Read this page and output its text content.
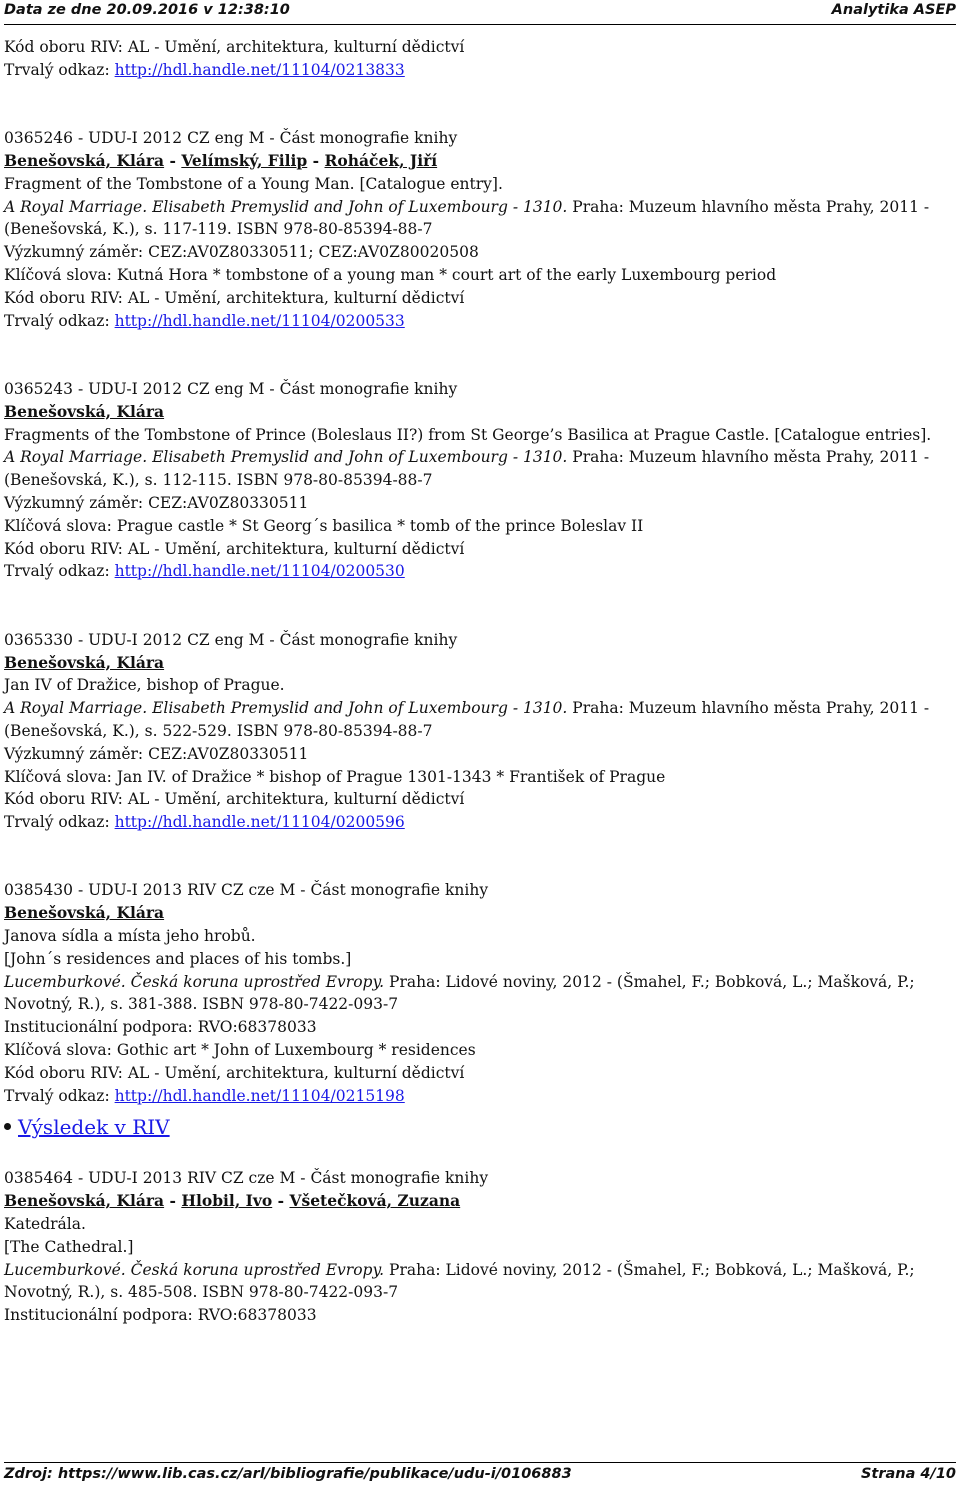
Data ze dne 20.09.2016 v 12:38:10	Analytika ASEP
Kód oboru RIV: AL - Umění, architektura, kulturní dědictví
Trvalý odkaz: http://hdl.handle.net/11104/0213833
0365246 - UDU-I 2012 CZ eng M - Část monografie knihy
Benešovská, Klára - Velímský, Filip - Roháček, Jiří
Fragment of the Tombstone of a Young Man. [Catalogue entry].
A Royal Marriage. Elisabeth Premyslid and John of Luxembourg - 1310. Praha: Muzeum hlavního města Prahy, 2011 -
(Benešovská, K.), s. 117-119. ISBN 978-80-85394-88-7
Výzkumný záměr: CEZ:AV0Z80330511; CEZ:AV0Z80020508
Klíčová slova: Kutná Hora * tombstone of a young man * court art of the early Luxembourg period
Kód oboru RIV: AL - Umění, architektura, kulturní dědictví
Trvalý odkaz: http://hdl.handle.net/11104/0200533
0365243 - UDU-I 2012 CZ eng M - Část monografie knihy
Benešovská, Klára
Fragments of the Tombstone of Prince (Boleslaus II?) from St George’s Basilica at Prague Castle. [Catalogue entries].
A Royal Marriage. Elisabeth Premyslid and John of Luxembourg - 1310. Praha: Muzeum hlavního města Prahy, 2011 -
(Benešovská, K.), s. 112-115. ISBN 978-80-85394-88-7
Výzkumný záměr: CEZ:AV0Z80330511
Klíčová slova: Prague castle * St Georg´s basilica * tomb of the prince Boleslav II
Kód oboru RIV: AL - Umění, architektura, kulturní dědictví
Trvalý odkaz: http://hdl.handle.net/11104/0200530
0365330 - UDU-I 2012 CZ eng M - Část monografie knihy
Benešovská, Klára
Jan IV of Dražice, bishop of Prague.
A Royal Marriage. Elisabeth Premyslid and John of Luxembourg - 1310. Praha: Muzeum hlavního města Prahy, 2011 -
(Benešovská, K.), s. 522-529. ISBN 978-80-85394-88-7
Výzkumný záměr: CEZ:AV0Z80330511
Klíčová slova: Jan IV. of Dražice * bishop of Prague 1301-1343 * František of Prague
Kód oboru RIV: AL - Umění, architektura, kulturní dědictví
Trvalý odkaz: http://hdl.handle.net/11104/0200596
0385430 - UDU-I 2013 RIV CZ cze M - Část monografie knihy
Benešovská, Klára
Janova sídla a místa jeho hrobů.
[John´s residences and places of his tombs.]
Lucemburkové. Česká koruna uprostřed Evropy. Praha: Lidové noviny, 2012 - (Šmahel, F.; Bobková, L.; Mašková, P.;
Novotný, R.), s. 381-388. ISBN 978-80-7422-093-7
Institucionální podpora: RVO:68378033
Klíčová slova: Gothic art * John of Luxembourg * residences
Kód oboru RIV: AL - Umění, architektura, kulturní dědictví
Trvalý odkaz: http://hdl.handle.net/11104/0215198
Výsledek v RIV
0385464 - UDU-I 2013 RIV CZ cze M - Část monografie knihy
Benešovská, Klára - Hlobil, Ivo - Všetečková, Zuzana
Katedrála.
[The Cathedral.]
Lucemburkové. Česká koruna uprostřed Evropy. Praha: Lidové noviny, 2012 - (Šmahel, F.; Bobková, L.; Mašková, P.;
Novotný, R.), s. 485-508. ISBN 978-80-7422-093-7
Institucionální podpora: RVO:68378033
Zdroj: https://www.lib.cas.cz/arl/bibliografie/publikace/udu-i/0106883	Strana 4/10
